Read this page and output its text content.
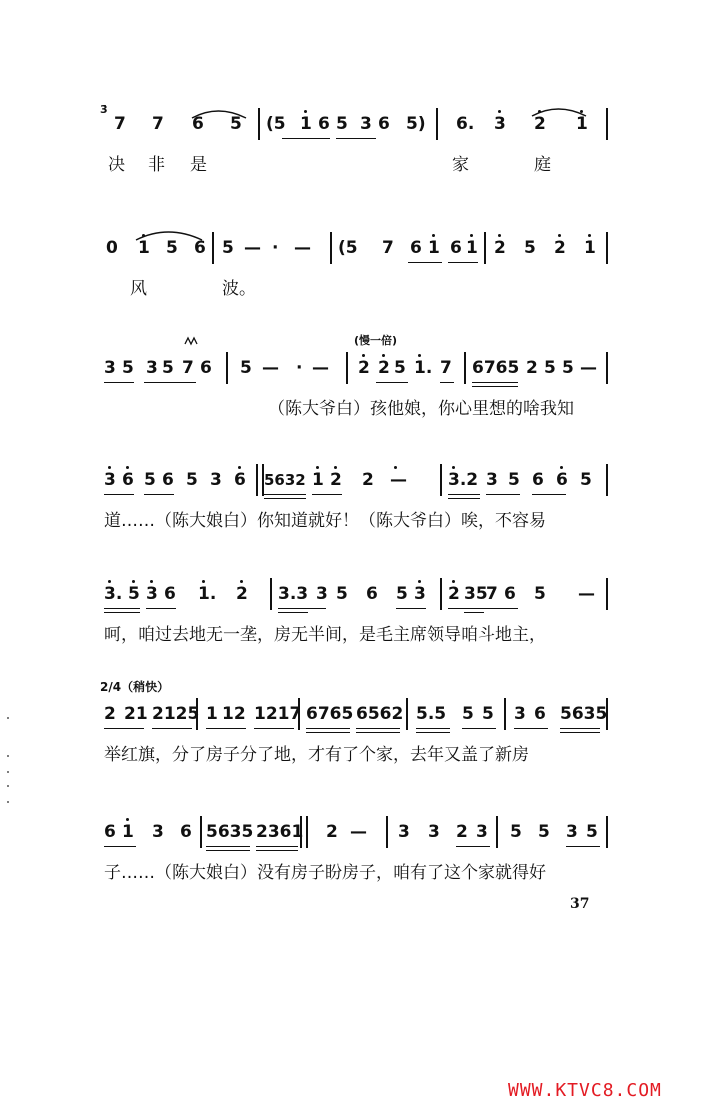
3̇
7 7 6 5 (5 1 6 5 3 6 5) 6. 3 2 1

决

非

是

	家

	庭

0 1 5 6 5 — · — (5 7 6 1 6 1 2 5 2 1

风

	波。

(慢一倍)
3 5 3 5 7 6 5 — · — 2 2 5 1. 7 6765 2 5 5 —

（陈大爷白）孩他娘，你心里想的啥我知

3 6 5 6 5 3 6 5632 1 2 2 — 3.2 3 5 6 6 5

道……（陈大娘白）你知道就好！（陈大爷白）唉，不容易

3. 5 3 6 1. 2 3.3 3 5 6 5 3 2 35
7 6 5 —

呵，咱过去地无一垄，房无半间，是毛主席领导咱斗地主，

2/4（稍快）
2 21 2125 1 12 1217 6765 6562 5.5 5 5 3 6 5635

举红旗，分了房子分了地，才有了个家，去年又盖了新房

6 1 3 6 5635 2361 2 — 3 3 2 3 5 5 3 5

子……（陈大娘白）没有房子盼房子，咱有了这个家就得好

37
WWW.KTVC8.COM
